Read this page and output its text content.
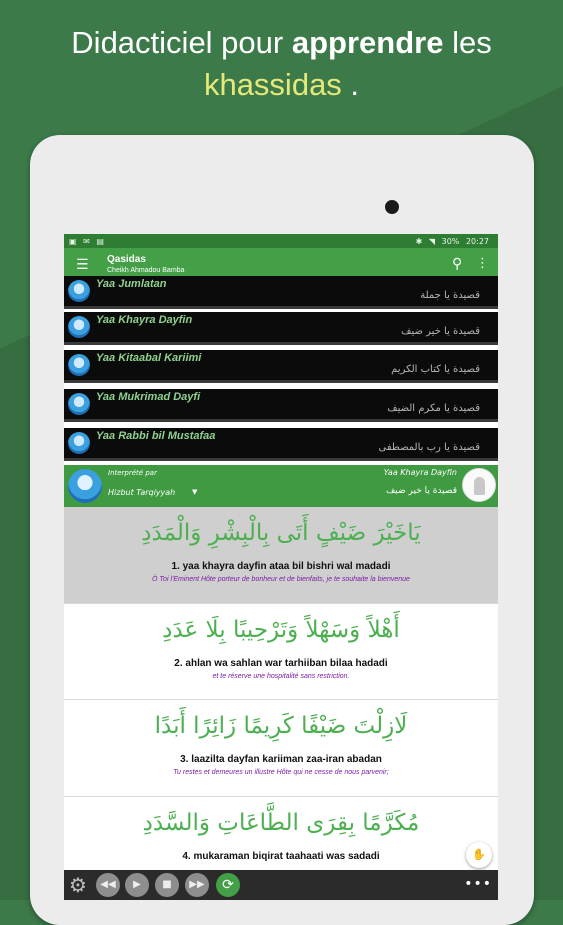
Didacticiel pour apprendre les
khassidas .
▣ ✉ ▤	✱ ◥ 30% 20:27
☰ Qasidas
Cheikh Ahmadou Bamba	⚲ ⋮
Yaa Jumlatan
قصيدة يا جملة
Yaa Khayra Dayfin
قصيدة يا خير ضيف
Yaa Kitaabal Kariimi
قصيدة يا كتاب الكريم
Yaa Mukrimad Dayfi
قصيدة يا مكرم الضيف
Yaa Rabbi bil Mustafaa
قصيدة يا رب بالمصطفى
Interprété par
Hizbut Tarqiyyah ▼
Yaa Khayra Dayfin
قصيدة يا خير ضيف
يَاخَيْرَ ضَيْفٍ أَتَى بِالْبِشْرِ وَالْمَدَدِ
1. yaa khayra dayfin ataa bil bishri wal madadi
Ô Toi l'Eminent Hôte porteur de bonheur et de bienfaits, je te souhaite la bienvenue
أَهْلاً وَسَهْلاً وَتَرْحِيبًا بِلَا عَدَدِ
2. ahlan wa sahlan war tarhiiban bilaa hadadi
et te réserve une hospitalité sans restriction.
لَازِلْتَ ضَيْفًا كَرِيمًا زَائِرًا أَبَدًا
3. laazilta dayfan kariiman zaa-iran abadan
Tu restes et demeures un illustre Hôte qui ne cesse de nous parvenir;
مُكَرَّمًا بِقِرَى الطَّاعَاتِ وَالسَّدَدِ
4. mukaraman biqirat taahaati was sadadi	✋
⚙	◀◀	▶	■	▶▶	⟳	•••
